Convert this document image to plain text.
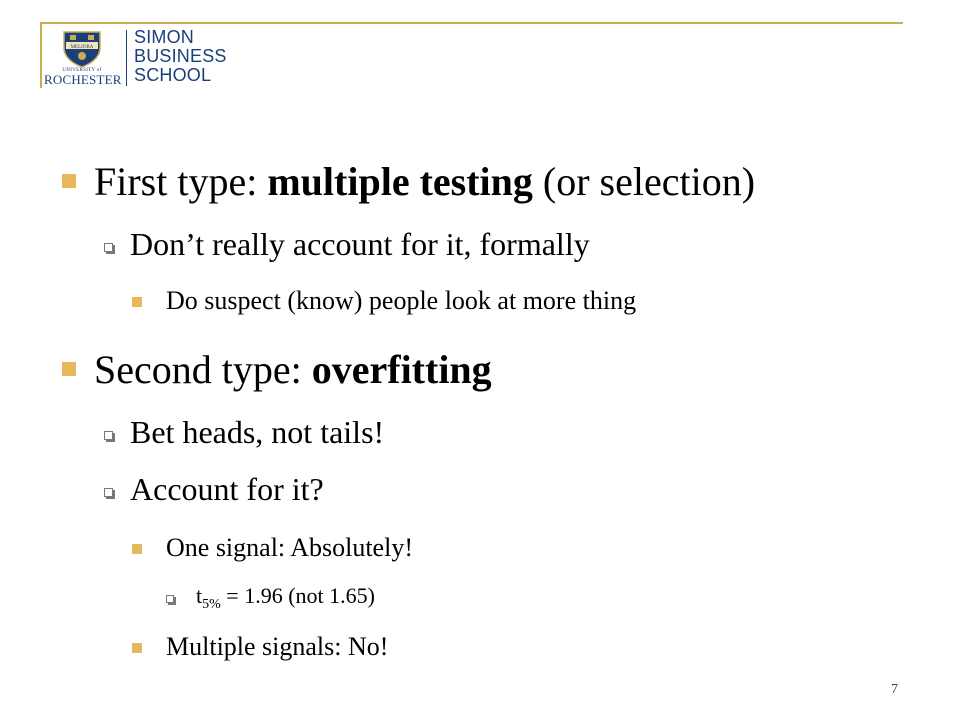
MELIORA
UNIVERSITY of
ROCHESTER
SIMON
BUSINESS
SCHOOL
First type: multiple testing (or selection)
Don’t really account for it, formally
Do suspect (know) people look at more thing
Second type: overfitting
Bet heads, not tails!
Account for it?
One signal: Absolutely!
$t_{5\%} = 1.96$ (not 1.65)
Multiple signals: No!
7
